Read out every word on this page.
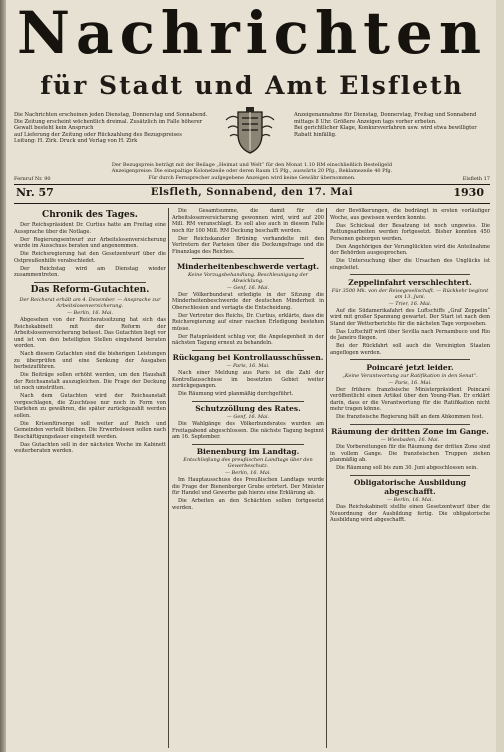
Nachrichten
für Stadt und Amt Elsfleth

Die Nachrichten erscheinen jeden Dienstag, Donnerstag und Sonnabend.

Die Zeitung erscheint wöchentlich dreimal. Zusätzlich im Falle höherer Gewalt besteht kein Anspruch

auf Lieferung der Zeitung oder Rückzahlung des Bezugspreises

Leitung: H. Zirk. Druck und Verlag von H. Zirk

Anzeigenannahme für Dienstag, Donnerstag, Freitag und Sonnabend

mittags 8 Uhr. Größere Anzeigen tags vorher erbeten.

Bei gerichtlicher Klage, Konkursverfahren usw. wird etwa bewilligter

Rabatt hinfällig.

Der Bezugspreis beträgt mit der Beilage „Heimat und Welt“ für den Monat 1.10 RM einschließlich Bestellgeld

Anzeigenpreise: Die einspaltige Kolonelzeile oder deren Raum 15 Pfg., auswärts 20 Pfg., Reklamezeile 40 Pfg.

Für durch Fernsprecher aufgegebene Anzeigen wird keine Gewähr übernommen.

Fernruf Nr. 90	Elsfleth 17
Nr. 57	Elsfleth, Sonnabend, den 17. Mai	1930
Chronik des Tages.

Der Reichspräsident Dr. Curtius hatte am Freitag eine Aussprache über die Notlage.

Der Regierungsentwurf zur Arbeitslosenversicherung wurde im Ausschuss beraten und angenommen.

Die Reichsregierung hat den Gesetzentwurf über die Ostpreußenhilfe verabschiedet.

Der Reichstag wird am Dienstag wieder zusammentreten.

Das Reform-Gutachten.
Der Reichsrat erhält am 4. Dezember. — Ansprache zur Arbeitslosenversicherung.
— Berlin, 16. Mai.

Abgesehen von der Reichsratssitzung hat sich das Reichskabinett mit der Reform der Arbeitslosenversicherung befasst. Das Gutachten liegt vor und ist von den beteiligten Stellen eingehend beraten worden.

Nach diesem Gutachten sind die bisherigen Leistungen zu überprüfen und eine Senkung der Ausgaben herbeizuführen.

Die Beiträge sollen erhöht werden, um den Haushalt der Reichsanstalt auszugleichen. Die Frage der Deckung ist noch umstritten.

Nach dem Gutachten wird der Reichsanstalt vorgeschlagen, die Zuschüsse nur noch in Form von Darlehen zu gewähren, die später zurückgezahlt werden sollen.

Die Krisenfürsorge soll weiter auf Reich und Gemeinden verteilt bleiben. Die Erwerbslosen sollen nach Beschäftigungsdauer eingeteilt werden.

Das Gutachten soll in der nächsten Woche im Kabinett weiterberaten werden.

Die Gesamtsumme, die damit für die Arbeitslosenversicherung gewonnen wird, wird auf 200 Mill. RM veranschlagt. Es soll also auch in diesem Falle noch für 100 Mill. RM Deckung beschafft werden.

Der Reichskanzler Brüning verhandelte mit den Vertretern der Parteien über die Deckungsfrage und die Finanzlage des Reiches.

Minderheitenbeschwerde vertagt.
Keine Vorzugsbehandlung. Beschleunigung der Abwicklung.
— Genf, 16. Mai.

Der Völkerbundsrat erledigte in der Sitzung die Minderheitenbeschwerde der deutschen Minderheit in Oberschlesien und vertagte die Entscheidung.

Der Vertreter des Reichs, Dr. Curtius, erklärte, dass die Reichsregierung auf einer raschen Erledigung bestehen müsse.

Der Ratspräsident schlug vor, die Angelegenheit in der nächsten Tagung erneut zu behandeln.

Rückgang bei Kontrollausschüssen.
— Paris, 16. Mai.

Nach einer Meldung aus Paris ist die Zahl der Kontrollausschüsse im besetzten Gebiet weiter zurückgegangen.

Die Räumung wird planmäßig durchgeführt.

Schutzzöllung des Rates.
— Genf, 16. Mai.

Die Wahlgänge des Völkerbundsrates wurden am Freitagabend abgeschlossen. Die nächste Tagung beginnt am 16. September.

Bienenburg im Landtag.
Entschließung des preußischen Landtags über den Gewerbeschutz.
— Berlin, 16. Mai.

Im Hauptausschuss des Preußischen Landtags wurde die Frage der Bienenburger Grube erörtert. Der Minister für Handel und Gewerbe gab hierzu eine Erklärung ab.

Die Arbeiten an den Schächten sollen fortgesetzt werden.

der Bevölkerungen, die bedrängt in ersten vorläufiger Woche, aus gewissen werden konnte.

Das Schicksal der Besatzung ist noch ungewiss. Die Rettungsarbeiten werden fortgesetzt. Bisher konnten 450 Personen geborgen werden.

Den Angehörigen der Verunglückten wird die Anteilnahme der Behörden ausgesprochen.

Die Untersuchung über die Ursachen des Unglücks ist eingeleitet.

Zeppelinfahrt verschlechtert.
Für 3500 Mk. von der Reisegesellschaft. — Rückkehr beginnt am 13. Juni.
— Trier, 16. Mai.

Auf die Südamerikafahrt des Luftschiffs „Graf Zeppelin“ wird mit großer Spannung gewartet. Der Start ist nach dem Stand der Wetterberichte für die nächsten Tage vorgesehen.

Das Luftschiff wird über Sevilla nach Pernambuco und Rio de Janeiro fliegen.

Bei der Rückfahrt soll auch die Vereinigten Staaten angeflogen werden.

Poincaré jetzt leider.
„Keine Verantwortung zur Ratifikation in den Senat“.
— Paris, 16. Mai.

Der frühere französische Ministerpräsident Poincaré veröffentlicht einen Artikel über den Young-Plan. Er erklärt darin, dass er die Verantwortung für die Ratifikation nicht mehr tragen könne.

Die französische Regierung hält an dem Abkommen fest.

Räumung der dritten Zone im Gange.
— Wiesbaden, 16. Mai.

Die Vorbereitungen für die Räumung der dritten Zone sind in vollem Gange. Die französischen Truppen ziehen planmäßig ab.

Die Räumung soll bis zum 30. Juni abgeschlossen sein.

Obligatorische Ausbildung abgeschafft.
— Berlin, 16. Mai.

Das Reichskabinett stellte einen Gesetzentwurf über die Neuordnung der Ausbildung fertig. Die obligatorische Ausbildung wird abgeschafft.
